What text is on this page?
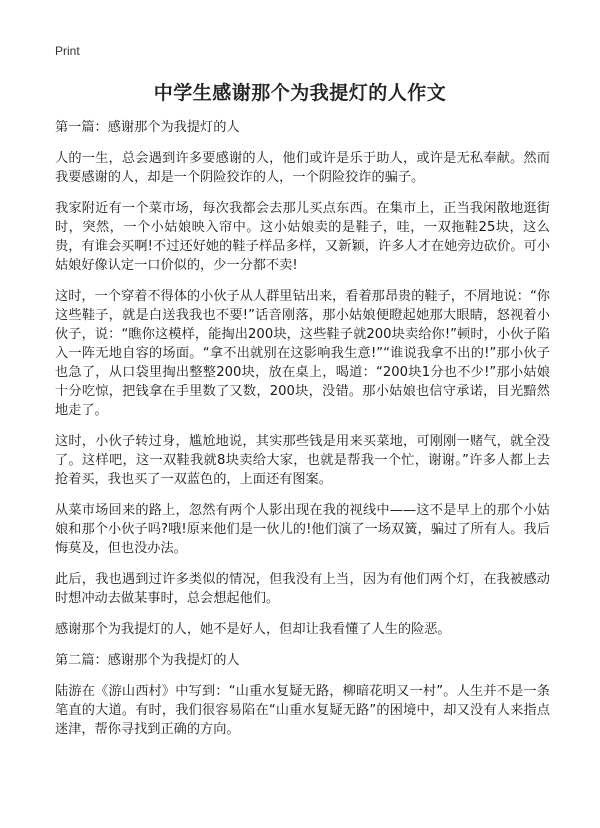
Print
中学生感谢那个为我提灯的人作文
第一篇：感谢那个为我提灯的人

人的一生，总会遇到许多要感谢的人，他们或许是乐于助人，或许是无私奉献。然而我要感谢的人，却是一个阴险狡诈的人，一个阴险狡诈的骗子。

我家附近有一个菜市场，每次我都会去那儿买点东西。在集市上，正当我闲散地逛街时，突然，一个小姑娘映入帘中。这小姑娘卖的是鞋子，哇，一双拖鞋25块，这么贵，有谁会买啊!不过还好她的鞋子样品多样，又新颖，许多人才在她旁边砍价。可小姑娘好像认定一口价似的，少一分都不卖!

这时，一个穿着不得体的小伙子从人群里钻出来，看着那昂贵的鞋子，不屑地说：“你这些鞋子，就是白送我我也不要!”话音刚落，那小姑娘便瞪起她那大眼睛，怒视着小伙子，说：“瞧你这模样，能掏出200块，这些鞋子就200块卖给你!”顿时，小伙子陷入一阵无地自容的场面。“拿不出就别在这影响我生意!”“谁说我拿不出的!”那小伙子也急了，从口袋里掏出整整200块，放在桌上，喝道：“200块1分也不少!”那小姑娘十分吃惊，把钱拿在手里数了又数，200块，没错。那小姑娘也信守承诺，目光黯然地走了。

这时，小伙子转过身，尴尬地说，其实那些钱是用来买菜地，可刚刚一赌气，就全没了。这样吧，这一双鞋我就8块卖给大家，也就是帮我一个忙，谢谢。”许多人都上去抢着买，我也买了一双蓝色的，上面还有图案。

从菜市场回来的路上，忽然有两个人影出现在我的视线中——这不是早上的那个小姑娘和那个小伙子吗?哦!原来他们是一伙儿的!他们演了一场双簧，骗过了所有人。我后悔莫及，但也没办法。

此后，我也遇到过许多类似的情况，但我没有上当，因为有他们两个灯，在我被感动时想冲动去做某事时，总会想起他们。

感谢那个为我提灯的人，她不是好人，但却让我看懂了人生的险恶。

第二篇：感谢那个为我提灯的人

陆游在《游山西村》中写到：“山重水复疑无路，柳暗花明又一村”。人生并不是一条笔直的大道。有时，我们很容易陷在“山重水复疑无路”的困境中，却又没有人来指点迷津，帮你寻找到正确的方向。
